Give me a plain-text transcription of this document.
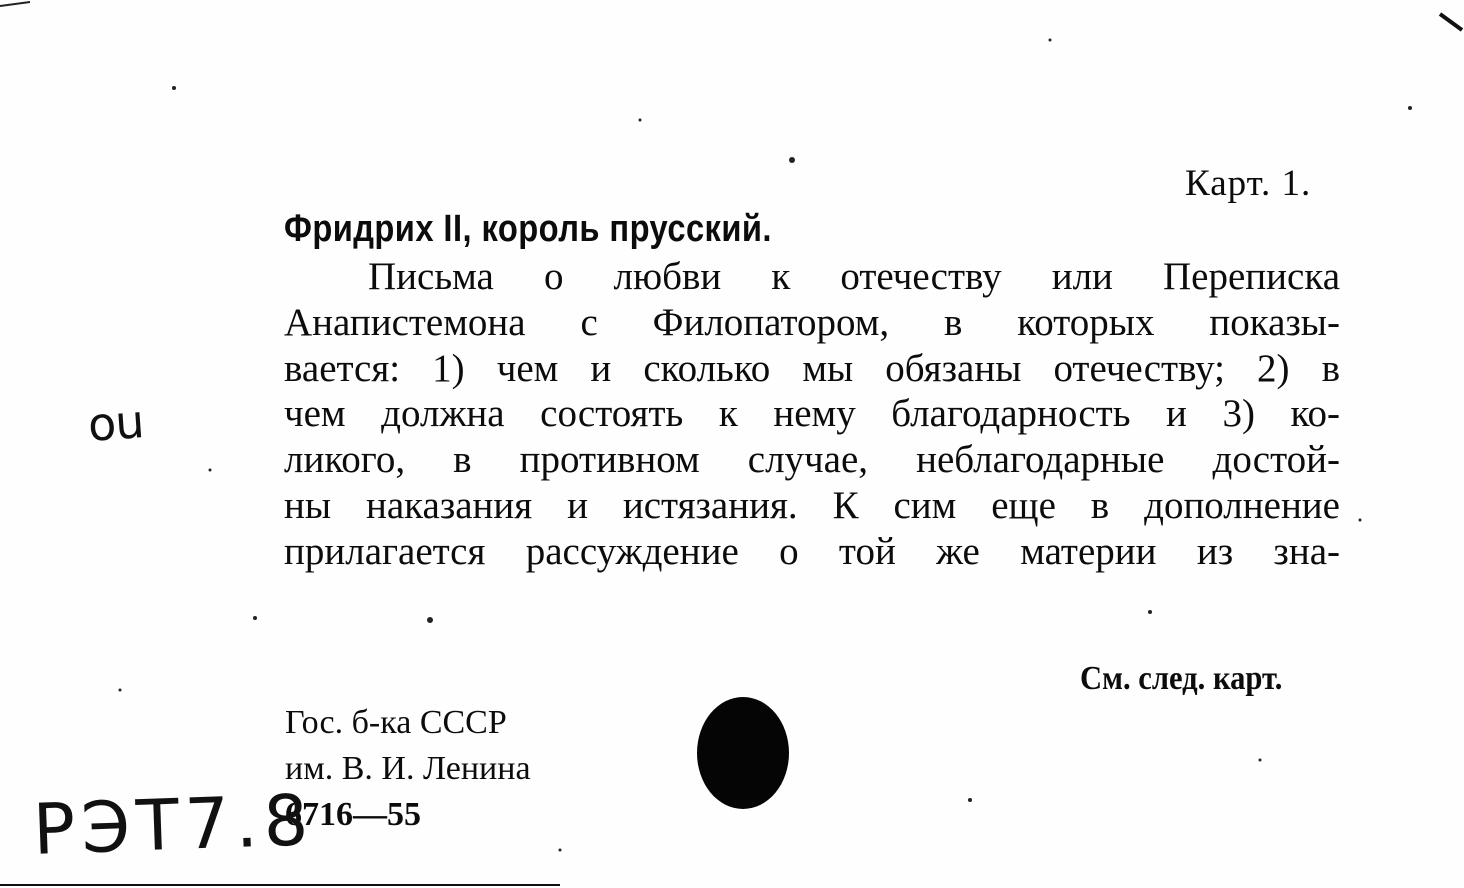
Карт. 1.
Фридрих II, король прусский.
Письма о любви к отечеству или Переписка
Анапистемона с Филопатором, в которых показы-
вается: 1) чем и сколько мы обязаны отечеству; 2) в
чем должна состоять к нему благодарность и 3) ко-
ликого, в противном случае, неблагодарные достой-
ны наказания и истязания. К сим еще в дополнение
прилагается рассуждение о той же материи из зна-
См. след. карт.
Гос. б-ка СССР
им. В. И. Ленина
6716—55
ou
РЭТ7.8
